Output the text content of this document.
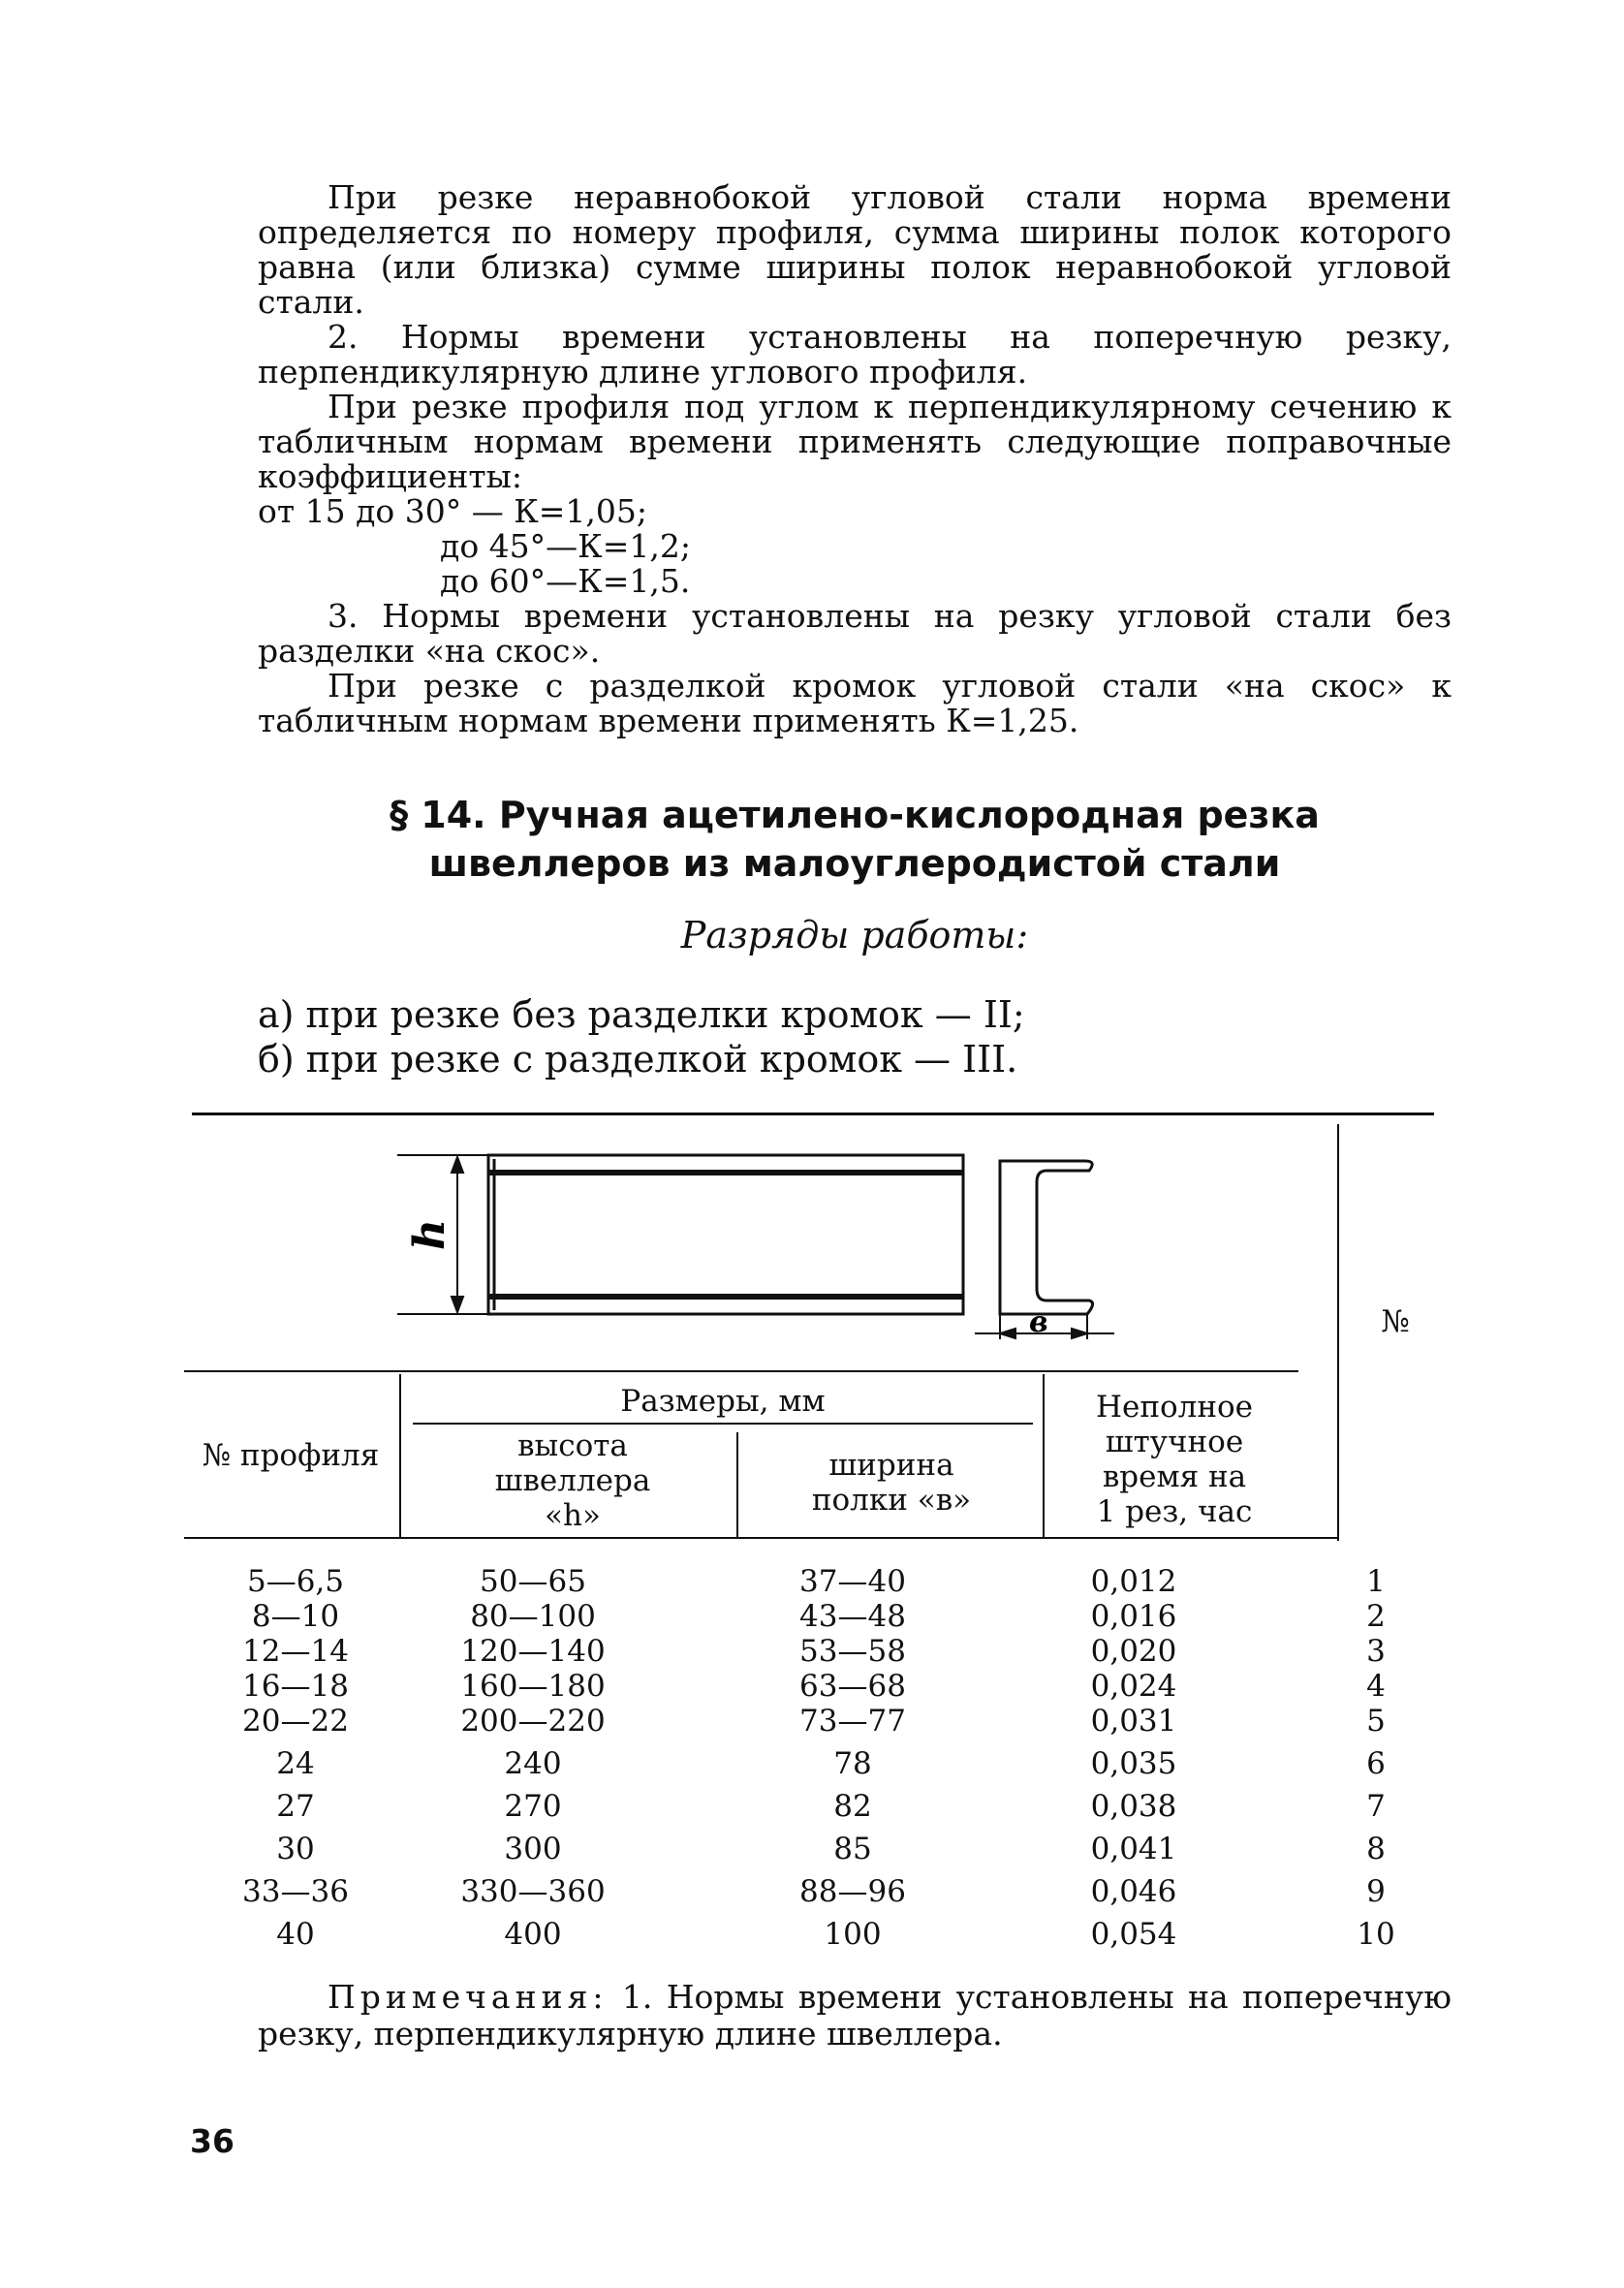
При резке неравнобокой угловой стали норма времени определяется по номеру профиля, сумма ширины полок которого равна (или близка) сумме ширины полок неравнобокой угловой стали.

2. Нормы времени установлены на поперечную резку, перпендикулярную длине углового профиля.

При резке профиля под углом к перпендикулярному сечению к табличным нормам времени применять следующие поправочные коэффициенты:

от 15 до 30° — К=1,05;

до 45°—К=1,2;

до 60°—К=1,5.

3. Нормы времени установлены на резку угловой стали без разделки «на скос».

При резке с разделкой кромок угловой стали «на скос» к табличным нормам времени применять К=1,25.

§ 14. Ручная ацетилено-кислородная резка
швеллеров из малоуглеродистой стали
Разряды работы:
а) при резке без разделки кромок — II;
б) при резке с разделкой кромок — III.
h
в	№
№ профиля
Размеры, мм
высота
швеллера
«h»
ширина
полки «в»
Неполное
штучное
время на
1 рез, час
5—6,5	50—65	37—40	0,012	1
8—10	80—100	43—48	0,016	2
12—14	120—140	53—58	0,020	3
16—18	160—180	63—68	0,024	4
20—22	200—220	73—77	0,031	5
24	240	78	0,035	6
27	270	82	0,038	7
30	300	85	0,041	8
33—36	330—360	88—96	0,046	9
40	400	100	0,054	10
Примечания: 1. Нормы времени установлены на поперечную резку, перпендикулярную длине швеллера.
36
